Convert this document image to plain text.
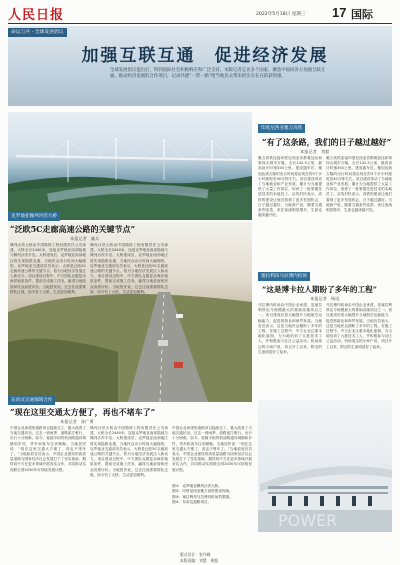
人民日报	2022年5月18日 星期三 17 国际
命运与共 · 全球发展倡议
加强互联互通　促进经济发展
全球发展倡议提出后，得到国际社会积极响应和广泛支持。本版记者走访多个国家，聚焦中国同各方加强互联互通、推动经济发展的合作项目，记录共建“一带一路”给当地民众带来的实实在在的获得感。
克罗地亚佩列沙茨大桥
“泛欧5C走廊高速公路的关键节点”
本报记者　戴兵
佩列沙茨大桥由中国路桥工程有限责任公司承建，大桥全长2440米，连接克罗地亚南部陆地与佩列沙茨半岛。大桥建成后，克罗地亚南部地区将实现陆路连通，当地民众出行时间大幅缩短。克罗地亚交通部官员表示，大桥是泛欧5C走廊高速公路的关键节点，将为当地经济发展注入新动力。项目建设过程中，中方团队克服复杂海洋地质条件，提前完成施工任务，赢得当地政府和民众高度评价。当地居民说，过去往返需要排队过境，如今有了大桥，生活更加便利。
佩列沙茨大桥由中国路桥工程有限责任公司承建，大桥全长2440米，连接克罗地亚南部陆地与佩列沙茨半岛。大桥建成后，克罗地亚南部地区将实现陆路连通，当地民众出行时间大幅缩短。克罗地亚交通部官员表示，大桥是泛欧5C走廊高速公路的关键节点，将为当地经济发展注入新动力。项目建设过程中，中方团队克服复杂海洋地质条件，提前完成施工任务，赢得当地政府和民众高度评价。当地居民说，过去往返需要排队过境，如今有了大桥，生活更加便利。
东帝汶交通领域合作
“现在这里交通太方便了，再也不堵车了”
本报记者　孙广勇
中国企业承建的道路项目陆续完工，极大改善了当地交通状况。过去一到雨季，道路泥泞难行，出行十分困难。如今，宽阔平坦的柏油路通向城镇和乡村，货车和客车往来顺畅。当地居民说：“现在这里交通太方便了，再也不堵车了。”当地政府官员表示，中国企业建设的高质量道路为国家经济社会发展打下了坚实基础，期待同中方在更多领域开展务实合作，共同推动实现联合国2030年可持续发展议程。
佩列沙茨大桥由中国路桥工程有限责任公司承建，大桥全长2440米，连接克罗地亚南部陆地与佩列沙茨半岛。大桥建成后，克罗地亚南部地区将实现陆路连通，当地民众出行时间大幅缩短。克罗地亚交通部官员表示，大桥是泛欧5C走廊高速公路的关键节点，将为当地经济发展注入新动力。项目建设过程中，中方团队克服复杂海洋地质条件，提前完成施工任务，赢得当地政府和民众高度评价。当地居民说，过去往返需要排队过境，如今有了大桥，生活更加便利。
中国企业承建的道路项目陆续完工，极大改善了当地交通状况。过去一到雨季，道路泥泞难行，出行十分困难。如今，宽阔平坦的柏油路通向城镇和乡村，货车和客车往来顺畅。当地居民说：“现在这里交通太方便了，再也不堵车了。”当地政府官员表示，中国企业建设的高质量道路为国家经济社会发展打下了坚实基础，期待同中方在更多领域开展务实合作，共同推动实现联合国2030年可持续发展议程。
图①：克罗地亚佩列沙茨大桥。
图②：印度尼西亚雅万高铁建设现场。
图③：塞拉利昂马拉博内机场效果图。
图④：东帝汶道路项目。
印度尼西亚雅万高铁
“有了这条路，我们的日子越过越好”
本报记者　刘毅
雅万高铁连接印度尼西亚首都雅加达和第四大城市万隆，全长142.3公里，最高设计时速350公里。建成通车后，雅加达到万隆的出行时间将由现在的3个多小时缩短至40分钟左右。项目建设带动了当地就业和产业发展，累计为当地提供了大量工作岗位，培养了一批掌握先进技术的本地员工。沿线村民表示，高铁的建设让他们看到了更多发展机会，日子越过越好。当地商户说，随着交通条件改善，来往客流明显增多，生意也越来越兴旺。
雅万高铁连接印度尼西亚首都雅加达和第四大城市万隆，全长142.3公里，最高设计时速350公里。建成通车后，雅加达到万隆的出行时间将由现在的3个多小时缩短至40分钟左右。项目建设带动了当地就业和产业发展，累计为当地提供了大量工作岗位，培养了一批掌握先进技术的本地员工。沿线村民表示，高铁的建设让他们看到了更多发展机会，日子越过越好。当地商户说，随着交通条件改善，来往客流明显增多，生意也越来越兴旺。
塞拉利昂马拉博内机场
“这是博卡拉人期盼了多年的工程”
本报记者　杨迅
马拉博内机场由中国企业承建，是塞拉利昂迄今规模最大的基础设施项目之一。项目建成后将大幅提升当地航空运输能力，促进旅游业和商贸发展。当地官员表示，这是当地民众期盼了多年的工程。在施工过程中，中方企业注重本地化雇佣，为当地培训了大批技术工人，并积极参与社区公益活动。机场周边的小商户说，项目开工以来，附近的生意明显好了起来。
马拉博内机场由中国企业承建，是塞拉利昂迄今规模最大的基础设施项目之一。项目建成后将大幅提升当地航空运输能力，促进旅游业和商贸发展。当地官员表示，这是当地民众期盼了多年的工程。在施工过程中，中方企业注重本地化雇佣，为当地培训了大批技术工人，并积极参与社区公益活动。机场周边的小商户说，项目开工以来，附近的生意明显好了起来。
POWER
版式设计：张丹峰
本版责编：刘慧　黄超
